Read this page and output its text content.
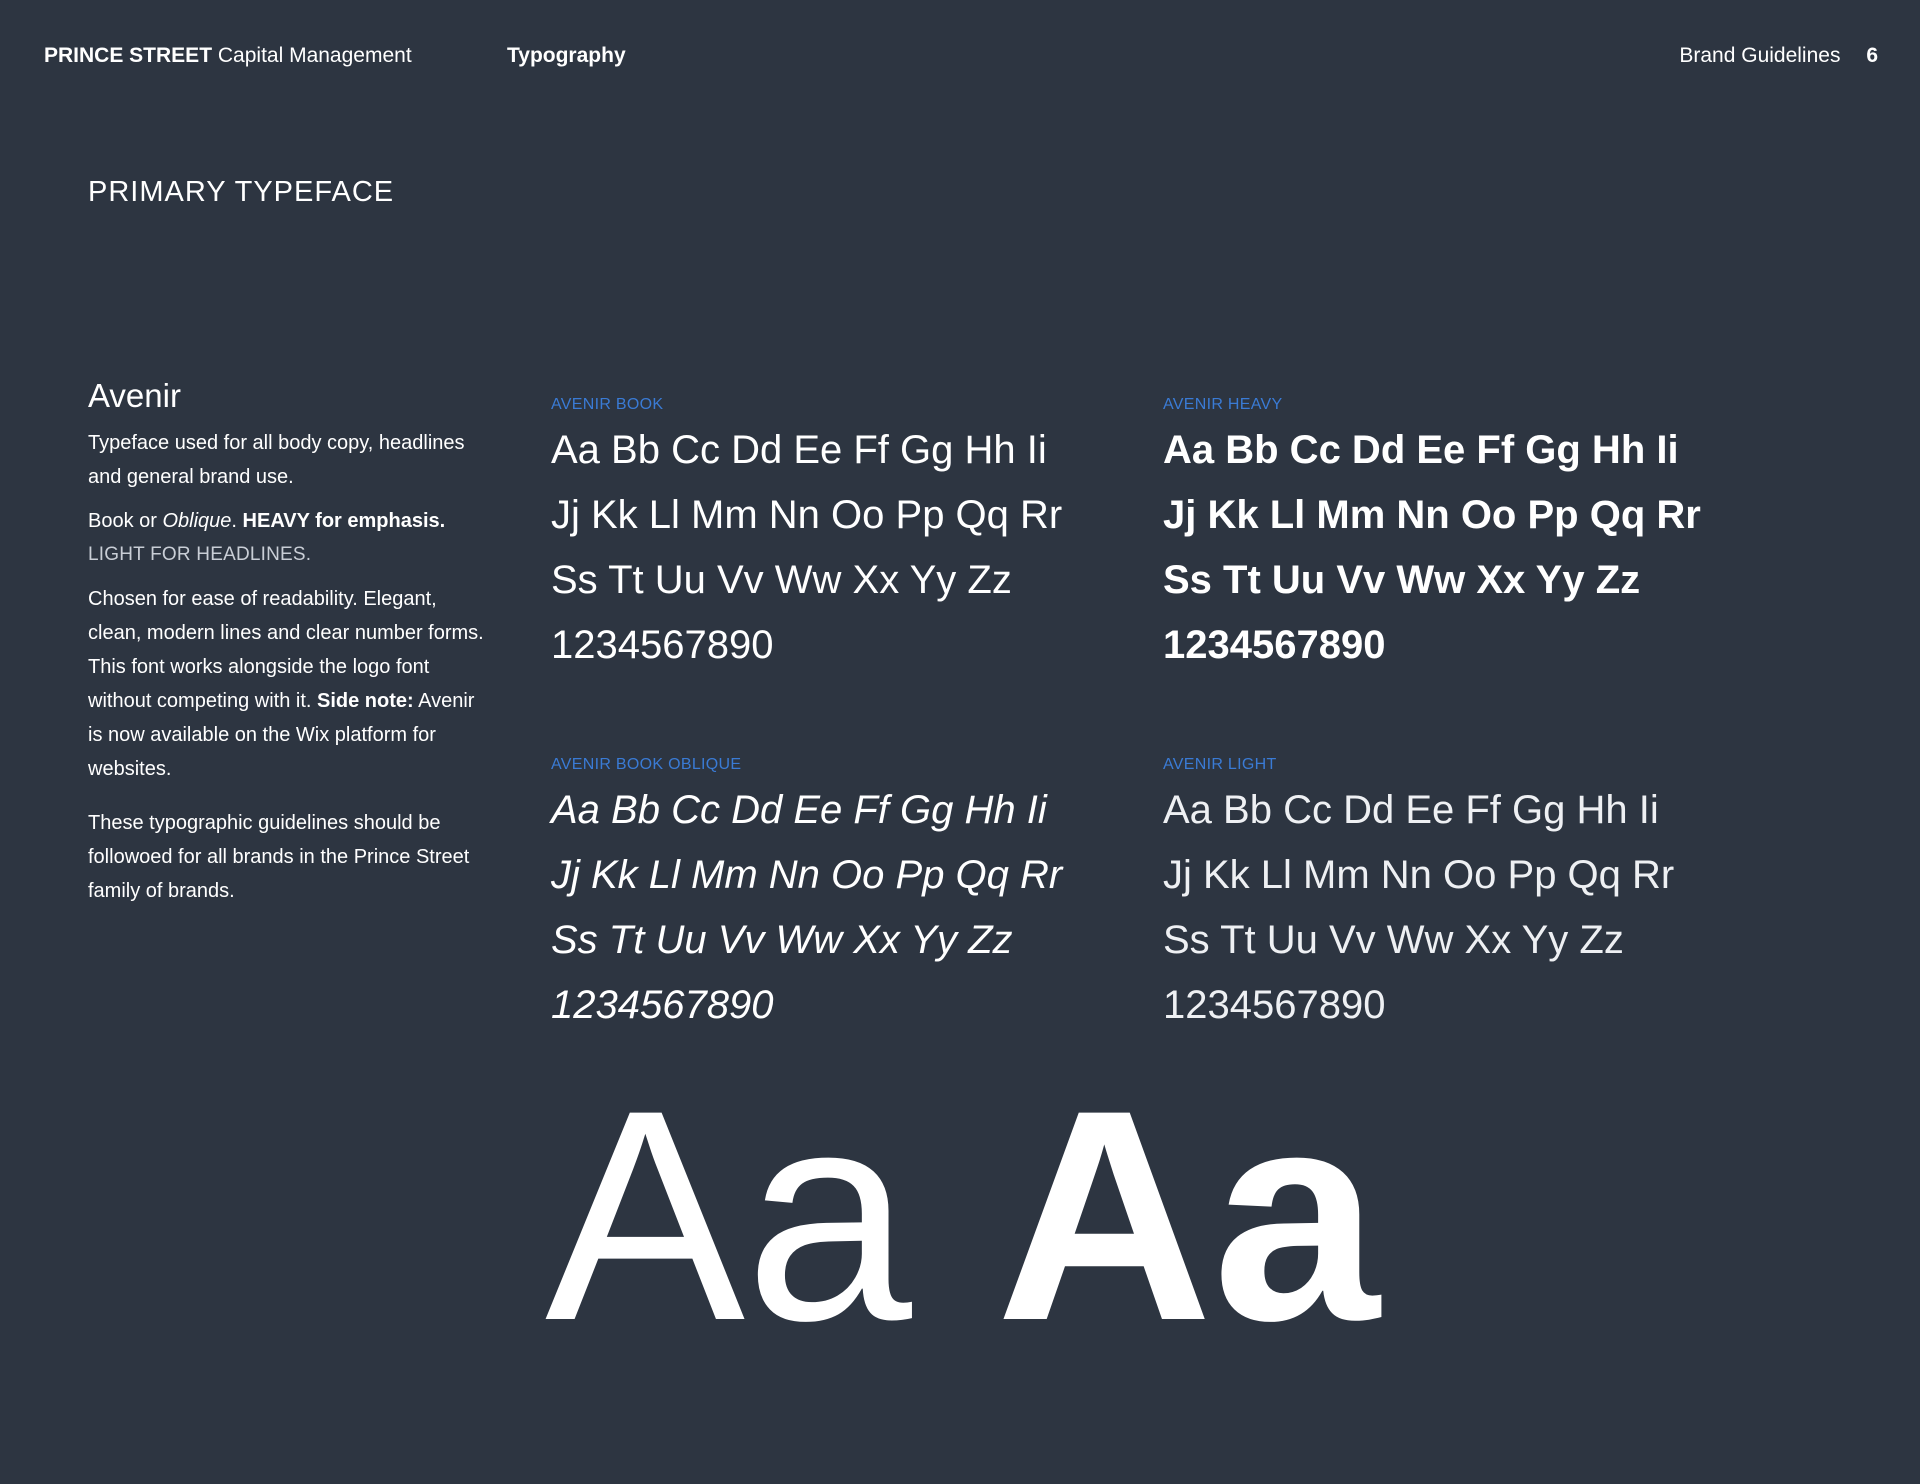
PRINCE STREET Capital Management	Typography	Brand Guidelines 6
PRIMARY TYPEFACE
Avenir

Typeface used for all body copy, headlines and general brand use.

Book or Oblique. HEAVY for emphasis.

LIGHT FOR HEADLINES.

Chosen for ease of readability. Elegant, clean, modern lines and clear number forms. This font works alongside the logo font without competing with it. Side note: Avenir is now available on the Wix platform for websites.

These typographic guidelines should be followoed for all brands in the Prince Street family of brands.

AVENIR BOOK
Aa Bb Cc Dd Ee Ff Gg Hh Ii
Jj Kk Ll Mm Nn Oo Pp Qq Rr
Ss Tt Uu Vv Ww Xx Yy Zz
1234567890
AVENIR HEAVY
Aa Bb Cc Dd Ee Ff Gg Hh Ii
Jj Kk Ll Mm Nn Oo Pp Qq Rr
Ss Tt Uu Vv Ww Xx Yy Zz
1234567890
AVENIR BOOK OBLIQUE
Aa Bb Cc Dd Ee Ff Gg Hh Ii
Jj Kk Ll Mm Nn Oo Pp Qq Rr
Ss Tt Uu Vv Ww Xx Yy Zz
1234567890
AVENIR LIGHT
Aa Bb Cc Dd Ee Ff Gg Hh Ii
Jj Kk Ll Mm Nn Oo Pp Qq Rr
Ss Tt Uu Vv Ww Xx Yy Zz
1234567890
Aa Aa
